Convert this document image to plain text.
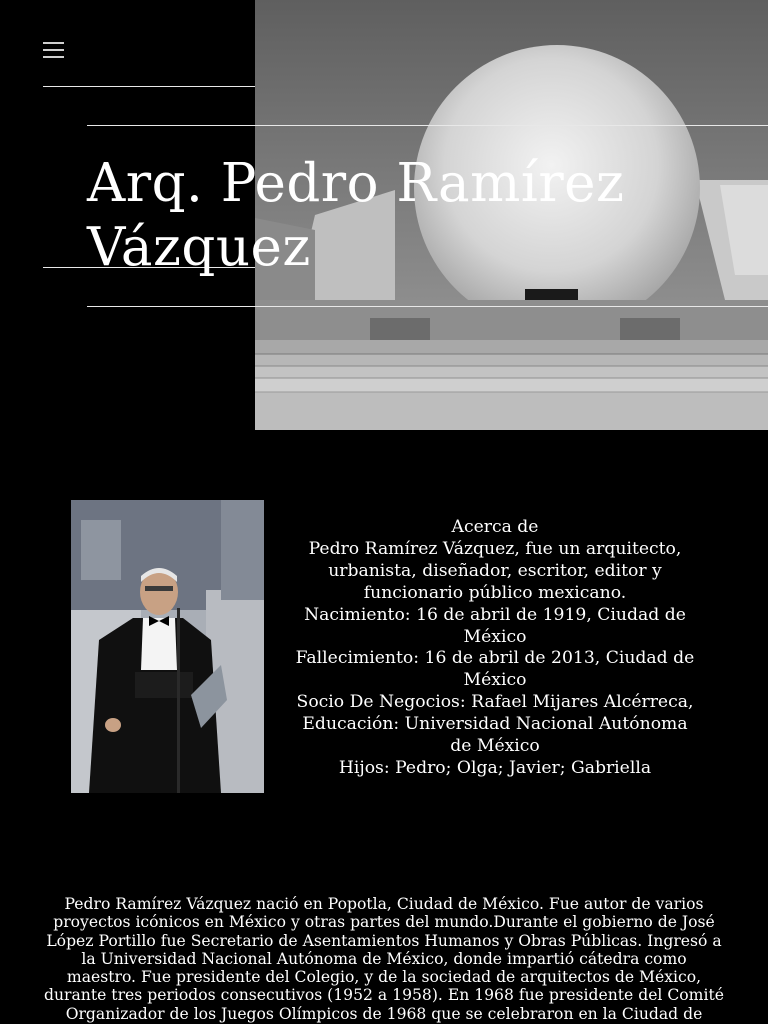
Arq. Pedro Ramírez
Vázquez
Acerca de
Pedro Ramírez Vázquez, fue un arquitecto,
urbanista, diseñador, escritor, editor y
funcionario público mexicano.
Nacimiento: 16 de abril de 1919, Ciudad de
México
Fallecimiento: 16 de abril de 2013, Ciudad de
México
Socio De Negocios: Rafael Mijares Alcérreca,
Educación: Universidad Nacional Autónoma
de México
Hijos: Pedro; Olga; Javier; Gabriella
Pedro Ramírez Vázquez nació en Popotla, Ciudad de México. Fue autor de varios
proyectos icónicos en México y otras partes del mundo.Durante el gobierno de José
López Portillo fue Secretario de Asentamientos Humanos y Obras Públicas. Ingresó a
la Universidad Nacional Autónoma de México, donde impartió cátedra como
maestro. Fue presidente del Colegio, y de la sociedad de arquitectos de México,
durante tres periodos consecutivos (1952 a 1958). En 1968 fue presidente del Comité
Organizador de los Juegos Olímpicos de 1968 que se celebraron en la Ciudad de
